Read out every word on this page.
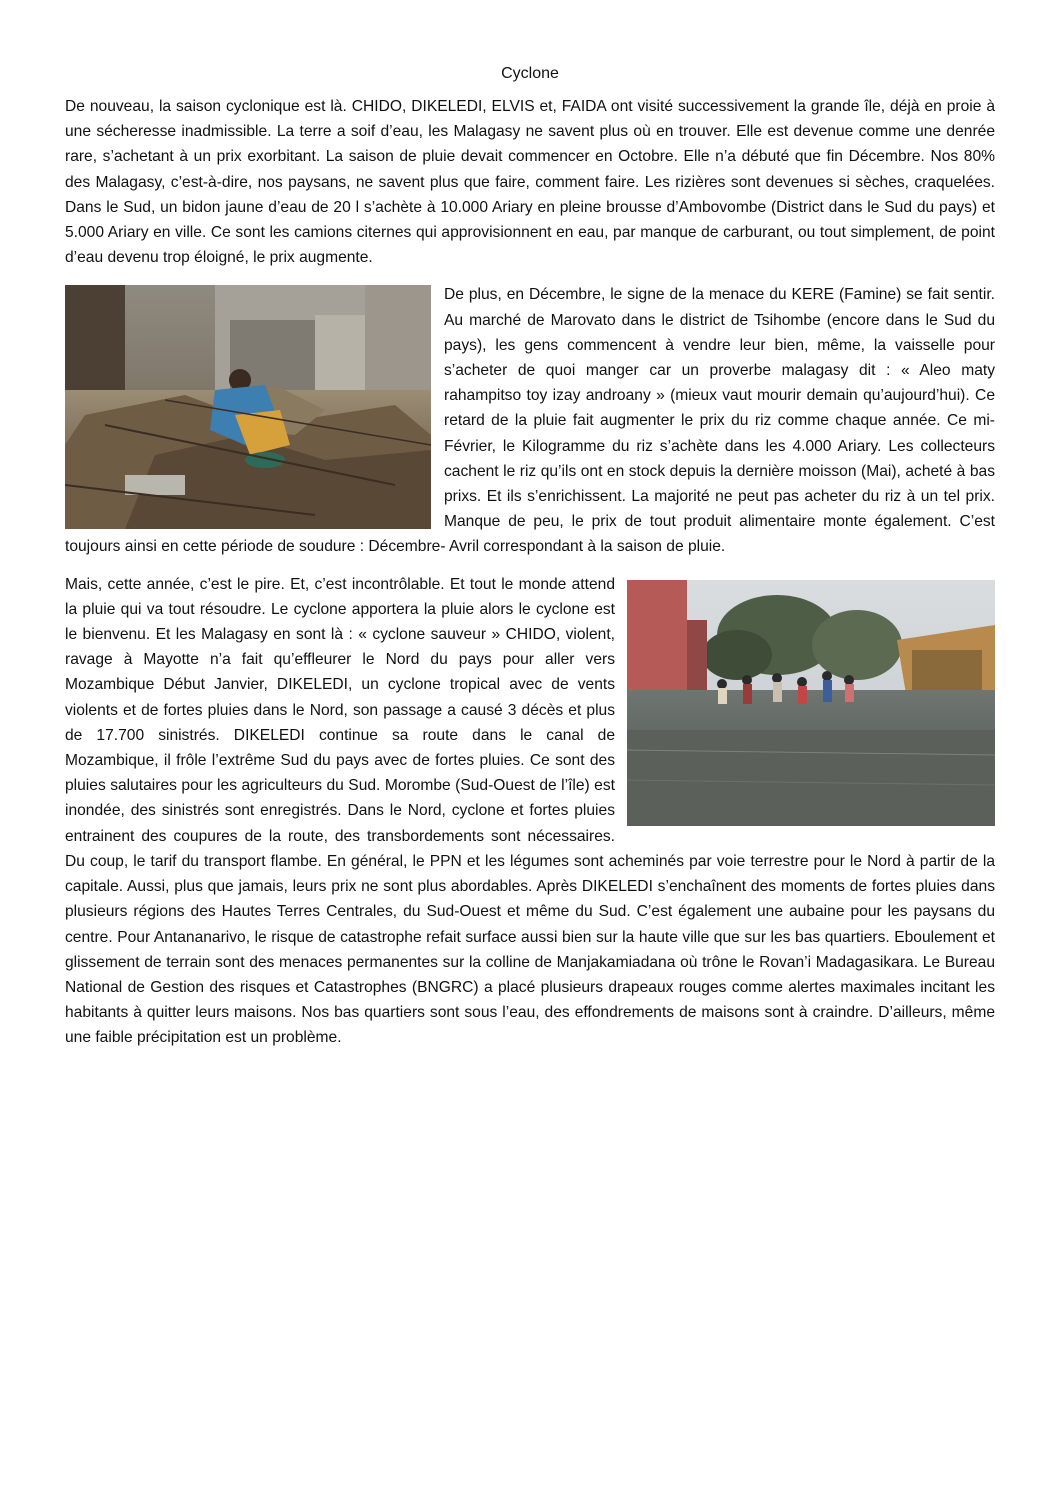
Cyclone

De nouveau, la saison cyclonique est là. CHIDO, DIKELEDI, ELVIS et, FAIDA ont visité successivement la grande île, déjà en proie à une sécheresse inadmissible. La terre a soif d’eau, les Malagasy ne savent plus où en trouver. Elle est devenue comme une denrée rare, s’achetant à un prix exorbitant. La saison de pluie devait commencer en Octobre. Elle n’a débuté que fin Décembre. Nos 80% des Malagasy, c’est-à-dire, nos paysans, ne savent plus que faire, comment faire. Les rizières sont devenues si sèches, craquelées. Dans le Sud, un bidon jaune d’eau de 20 l s’achète à 10.000 Ariary en pleine brousse d’Ambovombe (District dans le Sud du pays) et 5.000 Ariary en ville. Ce sont les camions citernes qui approvisionnent en eau, par manque de carburant, ou tout simplement, de point d’eau devenu trop éloigné, le prix augmente.

De plus, en Décembre, le signe de la menace du KERE (Famine) se fait sentir. Au marché de Marovato dans le district de Tsihombe (encore dans le Sud du pays), les gens commencent à vendre leur bien, même, la vaisselle pour s’acheter de quoi manger car un proverbe malagasy dit : « Aleo maty rahampitso toy izay androany » (mieux vaut mourir demain qu’aujourd’hui). Ce retard de la pluie fait augmenter le prix du riz comme chaque année. Ce mi-Février, le Kilogramme du riz s’achète dans les 4.000 Ariary. Les collecteurs cachent le riz qu’ils ont en stock depuis la dernière moisson (Mai), acheté à bas prixs. Et ils s’enrichissent. La majorité ne peut pas acheter du riz à un tel prix. Manque de peu, le prix de tout produit alimentaire monte également. C’est toujours ainsi en cette période de soudure : Décembre- Avril correspondant à la saison de pluie.

Mais, cette année, c’est le pire. Et, c’est incontrôlable. Et tout le monde attend la pluie qui va tout résoudre. Le cyclone apportera la pluie alors le cyclone est le bienvenu. Et les Malagasy en sont là : « cyclone sauveur » CHIDO, violent, ravage à Mayotte n’a fait qu’effleurer le Nord du pays pour aller vers Mozambique Début Janvier, DIKELEDI, un cyclone tropical avec de vents violents et de fortes pluies dans le Nord, son passage a causé 3 décès et plus de 17.700 sinistrés. DIKELEDI continue sa route dans le canal de Mozambique, il frôle l’extrême Sud du pays avec de fortes pluies. Ce sont des pluies salutaires pour les agriculteurs du Sud. Morombe (Sud-Ouest de l’île) est inondée, des sinistrés sont enregistrés. Dans le Nord, cyclone et fortes pluies entrainent des coupures de la route, des transbordements sont nécessaires. Du coup, le tarif du transport flambe. En général, le PPN et les légumes sont acheminés par voie terrestre pour le Nord à partir de la capitale. Aussi, plus que jamais, leurs prix ne sont plus abordables. Après DIKELEDI s’enchaînent des moments de fortes pluies dans plusieurs régions des Hautes Terres Centrales, du Sud-Ouest et même du Sud. C’est également une aubaine pour les paysans du centre. Pour Antananarivo, le risque de catastrophe refait surface aussi bien sur la haute ville que sur les bas quartiers. Eboulement et glissement de terrain sont des menaces permanentes sur la colline de Manjakamiadana où trône le Rovan’i Madagasikara. Le Bureau National de Gestion des risques et Catastrophes (BNGRC) a placé plusieurs drapeaux rouges comme alertes maximales incitant les habitants à quitter leurs maisons. Nos bas quartiers sont sous l’eau, des effondrements de maisons sont à craindre. D’ailleurs, même une faible précipitation est un problème.
